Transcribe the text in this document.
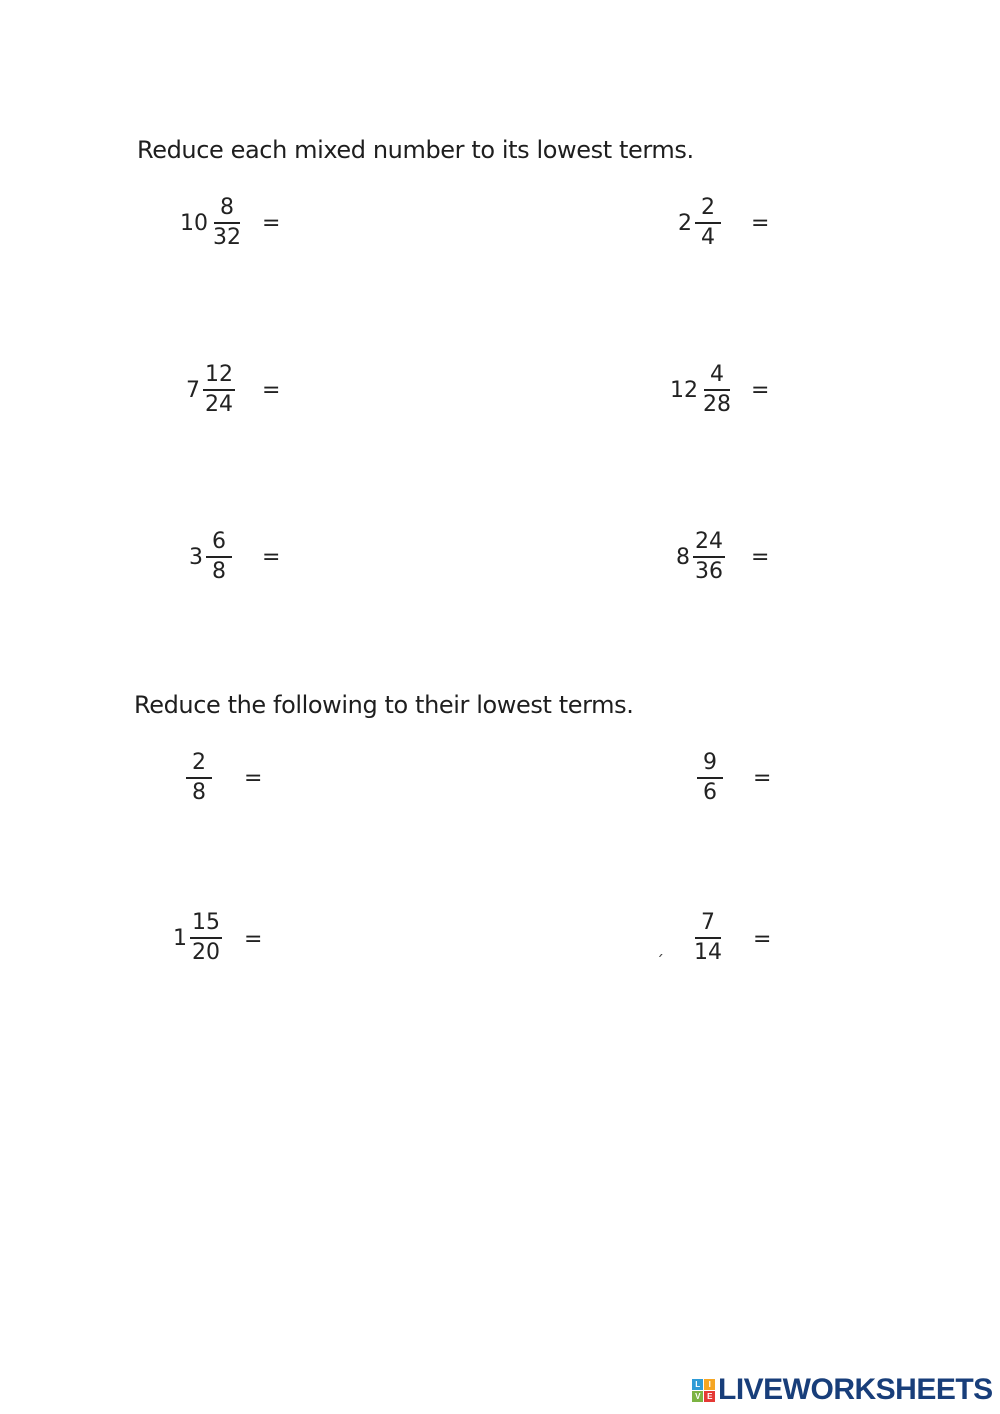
Reduce each mixed number to its lowest terms.
$10 \frac{8}{32}$ =	$2 \frac{2}{4}$ =
$7 \frac{12}{24}$ =	$12 \frac{4}{28}$ =
$3 \frac{6}{8}$ =	$8 \frac{24}{36}$ =
Reduce the following to their lowest terms.
$\frac{2}{8}$ =	$\frac{9}{6}$ =
$1 \frac{15}{20}$ =	ˏ $\frac{7}{14}$ =
L	I
V E LIVEWORKSHEETS
